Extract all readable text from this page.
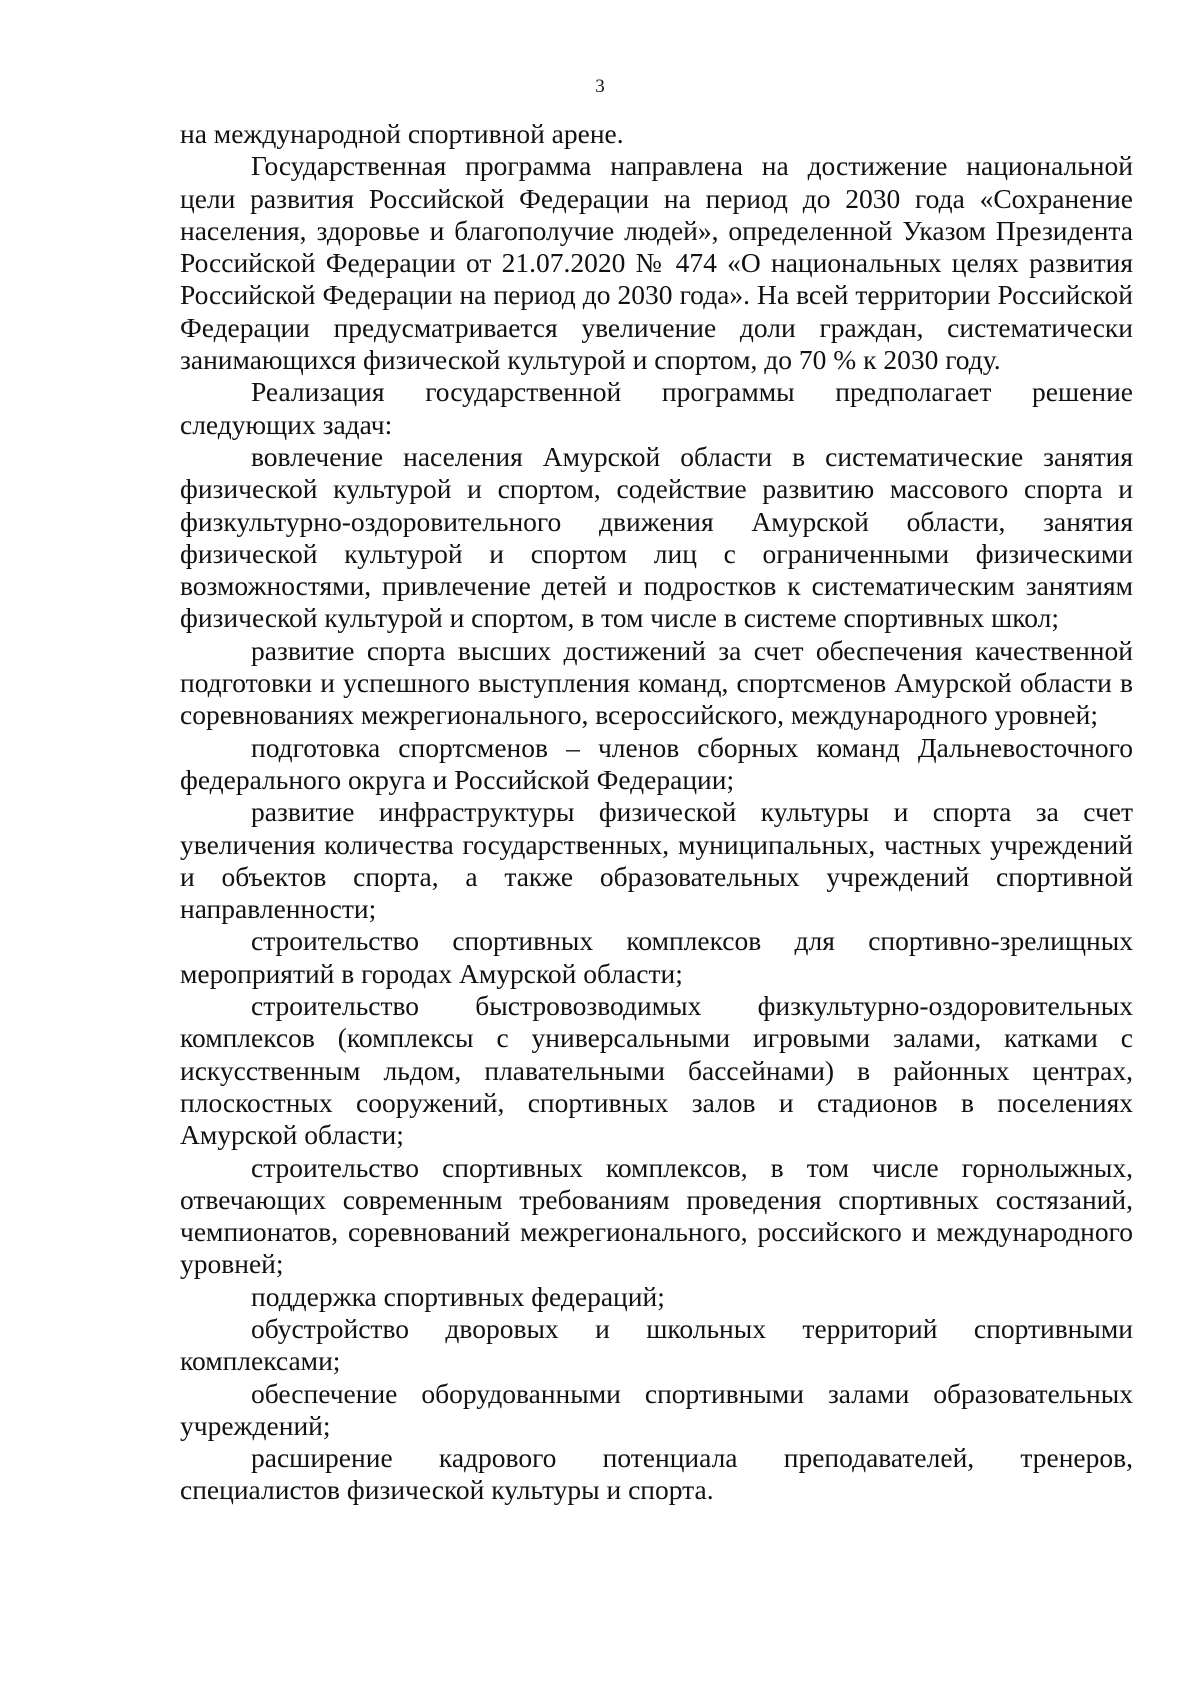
3

на международной спортивной арене.

Государственная программа направлена на достижение национальной цели развития Российской Федерации на период до 2030 года «Сохранение населения, здоровье и благополучие людей», определенной Указом Президента Российской Федерации от 21.07.2020 № 474 «О национальных целях развития Российской Федерации на период до 2030 года». На всей территории Российской Федерации предусматривается увеличение доли граждан, систематически занимающихся физической культурой и спортом, до 70 % к 2030 году.

Реализация государственной программы предполагает решение следующих задач:

вовлечение населения Амурской области в систематические занятия физической культурой и спортом, содействие развитию массового спорта и физкультурно-оздоровительного движения Амурской области, занятия физической культурой и спортом лиц с ограниченными физическими возможностями, привлечение детей и подростков к систематическим занятиям физической культурой и спортом, в том числе в системе спортивных школ;

развитие спорта высших достижений за счет обеспечения качественной подготовки и успешного выступления команд, спортсменов Амурской области в соревнованиях межрегионального, всероссийского, международного уровней;

подготовка спортсменов – членов сборных команд Дальневосточного федерального округа и Российской Федерации;

развитие инфраструктуры физической культуры и спорта за счет увеличения количества государственных, муниципальных, частных учреждений и объектов спорта, а также образовательных учреждений спортивной направленности;

строительство спортивных комплексов для спортивно-зрелищных мероприятий в городах Амурской области;

строительство быстровозводимых физкультурно-оздоровительных комплексов (комплексы с универсальными игровыми залами, катками с искусственным льдом, плавательными бассейнами) в районных центрах, плоскостных сооружений, спортивных залов и стадионов в поселениях Амурской области;

строительство спортивных комплексов, в том числе горнолыжных, отвечающих современным требованиям проведения спортивных состязаний, чемпионатов, соревнований межрегионального, российского и международного уровней;

поддержка спортивных федераций;

обустройство дворовых и школьных территорий спортивными комплексами;

обеспечение оборудованными спортивными залами образовательных учреждений;

расширение кадрового потенциала преподавателей, тренеров, специалистов физической культуры и спорта.
